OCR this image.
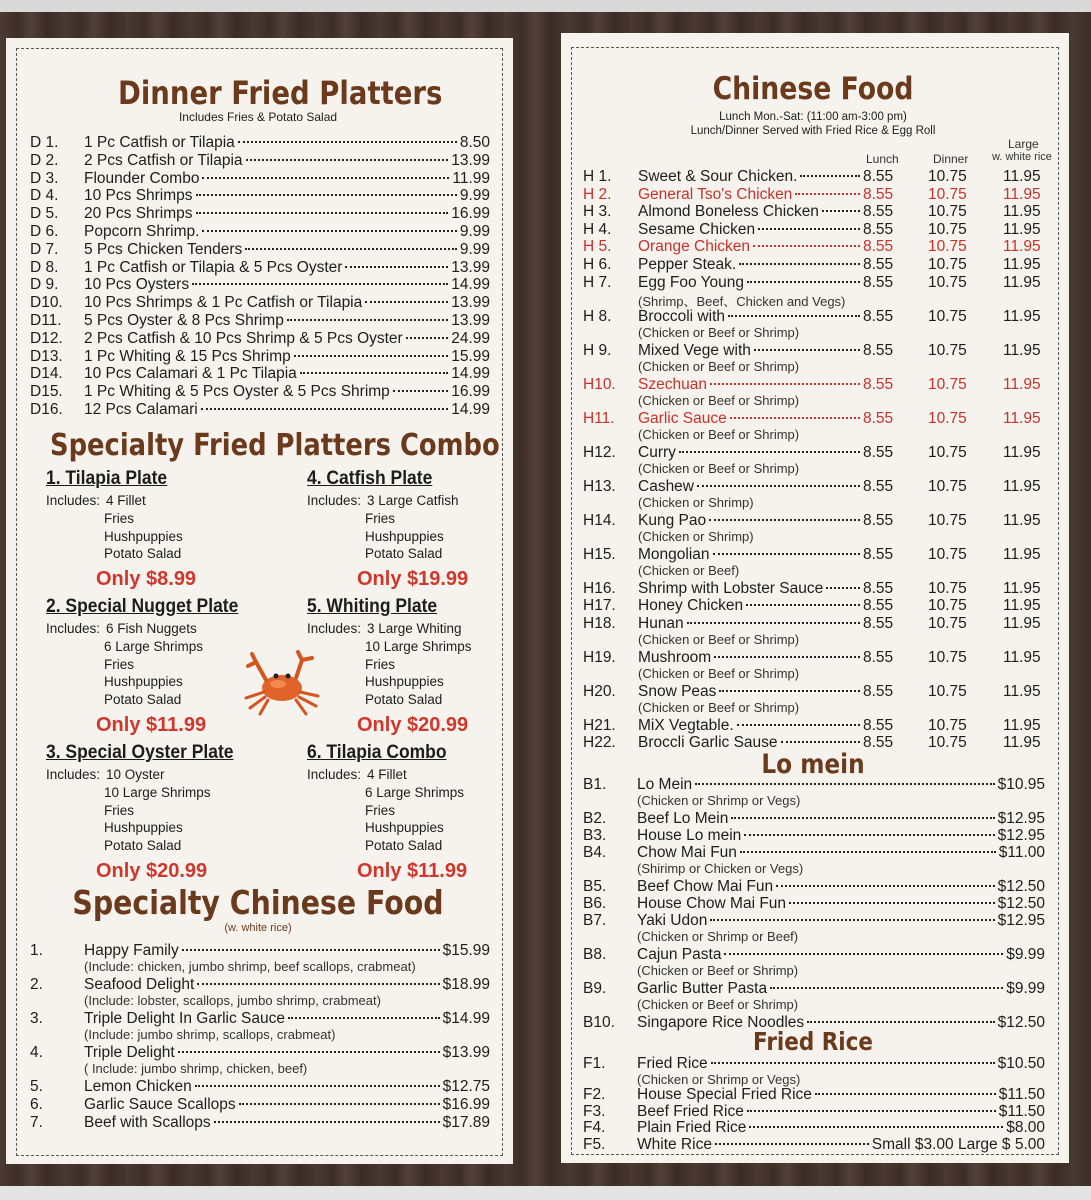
Dinner Fried Platters
Includes Fries & Potato Salad
D 1.	1 Pc Catfish or Tilapia	8.50
D 2.	2 Pcs Catfish or Tilapia	13.99
D 3.	Flounder Combo	11.99
D 4.	10 Pcs Shrimps	9.99
D 5.	20 Pcs Shrimps	16.99
D 6.	Popcorn Shrimp.	9.99
D 7.	5 Pcs Chicken Tenders	9.99
D 8.	1 Pc Catfish or Tilapia & 5 Pcs Oyster	13.99
D 9.	10 Pcs Oysters	14.99
D10.	10 Pcs Shrimps & 1 Pc Catfish or Tilapia	13.99
D11.	5 Pcs Oyster & 8 Pcs Shrimp	13.99
D12.	2 Pcs Catfish & 10 Pcs Shrimp & 5 Pcs Oyster	24.99
D13.	1 Pc Whiting & 15 Pcs Shrimp	15.99
D14.	10 Pcs Calamari & 1 Pc Tilapia	14.99
D15.	1 Pc Whiting & 5 Pcs Oyster & 5 Pcs Shrimp	16.99
D16.	12 Pcs Calamari	14.99
Specialty Fried Platters Combo
1. Tilapia Plate
Includes: 4 Fillet
Fries
Hushpuppies
Potato Salad
Only $8.99
4. Catfish Plate
Includes: 3 Large Catfish
Fries
Hushpuppies
Potato Salad
Only $19.99
2. Special Nugget Plate
Includes: 6 Fish Nuggets
6 Large Shrimps
Fries
Hushpuppies
Potato Salad
Only $11.99
5. Whiting Plate
Includes: 3 Large Whiting
10 Large Shrimps
Fries
Hushpuppies
Potato Salad
Only $20.99
3. Special Oyster Plate
Includes: 10 Oyster
10 Large Shrimps
Fries
Hushpuppies
Potato Salad
Only $20.99
6. Tilapia Combo
Includes: 4 Fillet
6 Large Shrimps
Fries
Hushpuppies
Potato Salad
Only $11.99
Specialty Chinese Food
(w. white rice)
1.	Happy Family	$15.99
(Include: chicken, jumbo shrimp, beef scallops, crabmeat)
2.	Seafood Delight	$18.99
(Include: lobster, scallops, jumbo shrimp, crabmeat)
3.	Triple Delight In Garlic Sauce	$14.99
(Include: jumbo shrimp, scallops, crabmeat)
4.	Triple Delight	$13.99
( Include: jumbo shrimp, chicken, beef)
5.	Lemon Chicken	$12.75
6.	Garlic Sauce Scallops	$16.99
7.	Beef with Scallops	$17.89
Chinese Food
Lunch Mon.-Sat: (11:00 am-3:00 pm)
Lunch/Dinner Served with Fried Rice & Egg Roll
Lunch	Dinner
Large
w. white rice
H 1.	Sweet & Sour Chicken.	8.55	10.75	11.95
H 2.	General Tso's Chicken	8.55	10.75	11.95
H 3.	Almond Boneless Chicken	8.55	10.75	11.95
H 4.	Sesame Chicken	8.55	10.75	11.95
H 5.	Orange Chicken	8.55	10.75	11.95
H 6.	Pepper Steak.	8.55	10.75	11.95
H 7.	Egg Foo Young	8.55	10.75	11.95
(Shrimp、Beef、Chicken and Vegs)
H 8.	Broccoli with	8.55	10.75	11.95
(Chicken or Beef or Shrimp)
H 9.	Mixed Vege with	8.55	10.75	11.95
(Chicken or Beef or Shrimp)
H10.	Szechuan	8.55	10.75	11.95
(Chicken or Beef or Shrimp)
H11.	Garlic Sauce	8.55	10.75	11.95
(Chicken or Beef or Shrimp)
H12.	Curry	8.55	10.75	11.95
(Chicken or Beef or Shrimp)
H13.	Cashew	8.55	10.75	11.95
(Chicken or Shrimp)
H14.	Kung Pao	8.55	10.75	11.95
(Chicken or Shrimp)
H15.	Mongolian	8.55	10.75	11.95
(Chicken or Beef)
H16.	Shrimp with Lobster Sauce	8.55	10.75	11.95
H17.	Honey Chicken	8.55	10.75	11.95
H18.	Hunan	8.55	10.75	11.95
(Chicken or Beef or Shrimp)
H19.	Mushroom	8.55	10.75	11.95
(Chicken or Beef or Shrimp)
H20.	Snow Peas	8.55	10.75	11.95
(Chicken or Beef or Shrimp)
H21.	MiX Vegtable.	8.55	10.75	11.95
H22.	Broccli Garlic Sause	8.55	10.75	11.95
Lo mein
B1.	Lo Mein	$10.95
(Chicken or Shrimp or Vegs)
B2.	Beef Lo Mein	$12.95
B3.	House Lo mein	$12.95
B4.	Chow Mai Fun	$11.00
(Shirimp or Chicken or Vegs)
B5.	Beef Chow Mai Fun	$12.50
B6.	House Chow Mai Fun	$12.50
B7.	Yaki Udon	$12.95
(Chicken or Shrimp or Beef)
B8.	Cajun Pasta	$9.99
(Chicken or Beef or Shrimp)
B9.	Garlic Butter Pasta	$9.99
(Chicken or Beef or Shrimp)
B10.	Singapore Rice Noodles	$12.50
Fried Rice
F1.	Fried Rice	$10.50
(Chicken or Shrimp or Vegs)
F2.	House Special Fried Rice	$11.50
F3.	Beef Fried Rice	$11.50
F4.	Plain Fried Rice	$8.00
F5.	White Rice	Small $3.00 Large $ 5.00
